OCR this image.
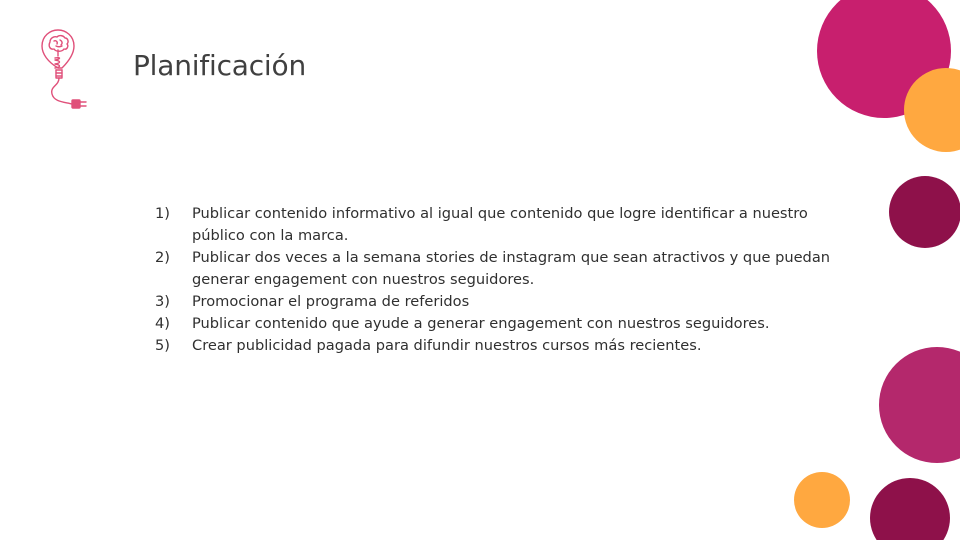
Planificación
1) Publicar contenido informativo al igual que contenido que logre identificar a nuestro público con la marca.
2) Publicar dos veces a la semana stories de instagram que sean atractivos y que puedan generar engagement con nuestros seguidores.
3) Promocionar el programa de referidos
4) Publicar contenido que ayude a generar engagement con nuestros seguidores.
5) Crear publicidad pagada para difundir nuestros cursos más recientes.
